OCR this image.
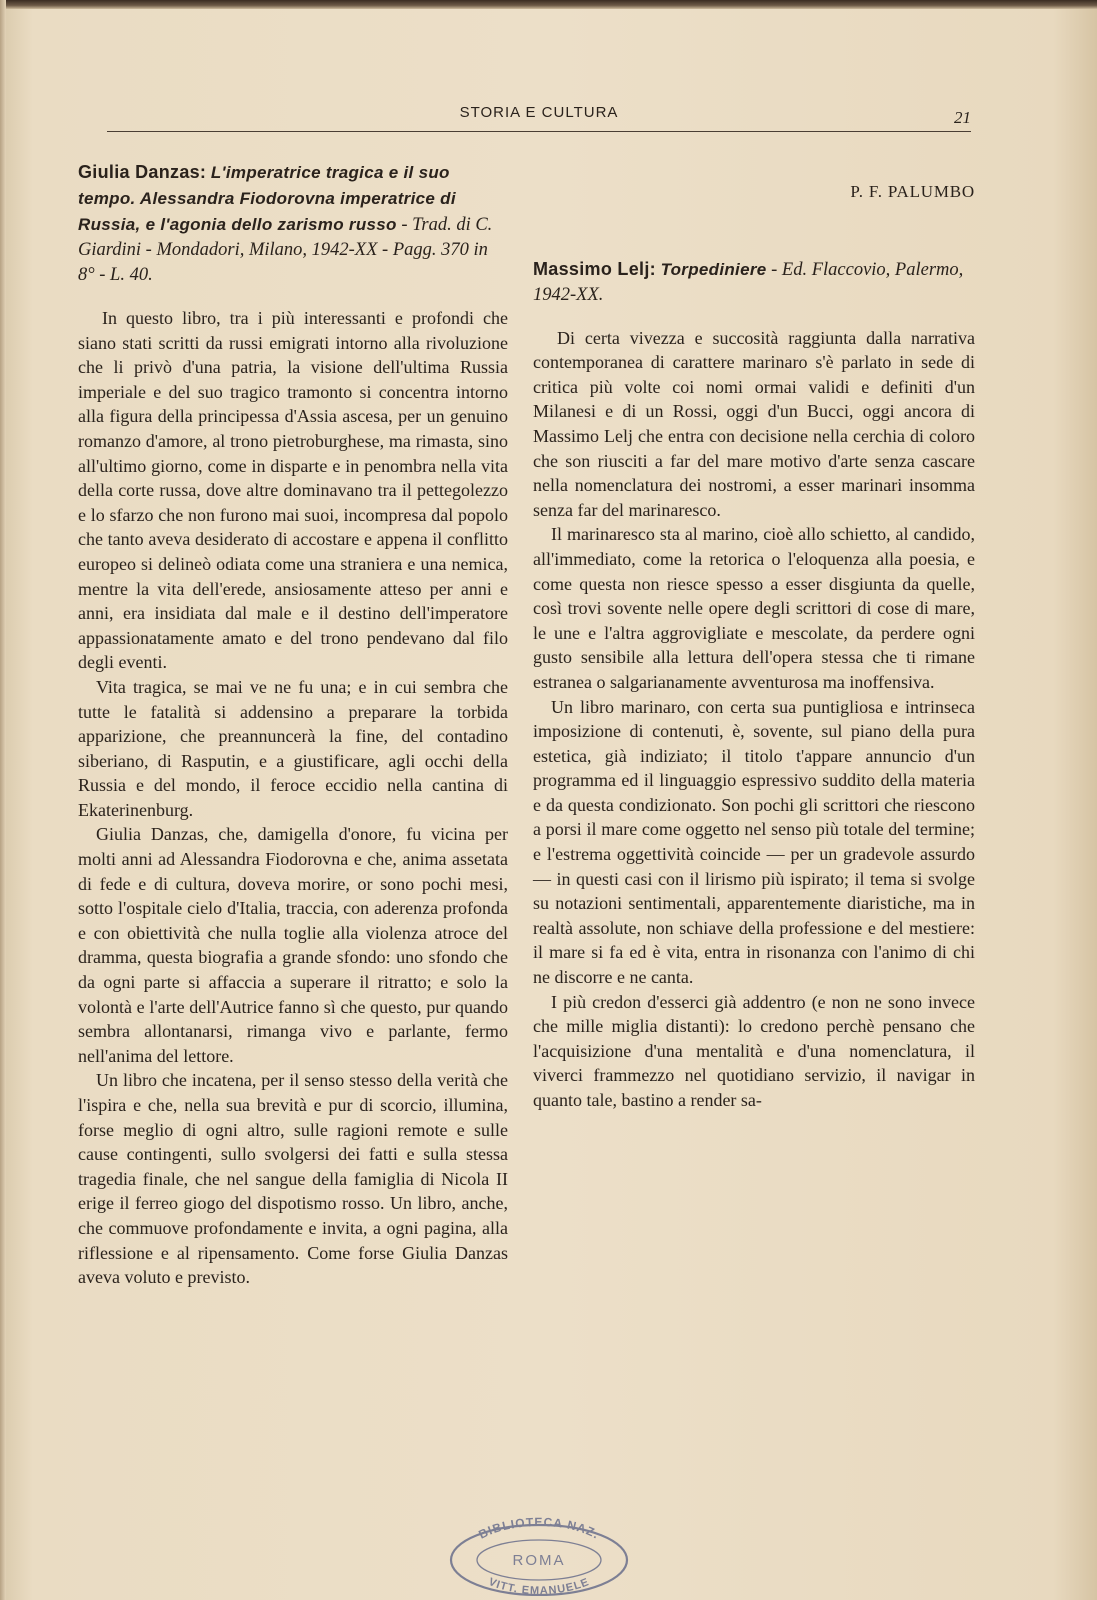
STORIA E CULTURA	21
Giulia Danzas: L'imperatrice tragica e il suo tempo. Alessandra Fiodorovna imperatrice di Russia, e l'agonia dello zarismo russo - Trad. di C. Giardini - Mondadori, Milano, 1942-XX - Pagg. 370 in 8° - L. 40.

In questo libro, tra i più interessanti e profondi che siano stati scritti da russi emigrati intorno alla rivoluzione che li privò d'una patria, la visione dell'ultima Russia imperiale e del suo tragico tramonto si concentra intorno alla figura della principessa d'Assia ascesa, per un genuino romanzo d'amore, al trono pietroburghese, ma rimasta, sino all'ultimo giorno, come in disparte e in penombra nella vita della corte russa, dove altre dominavano tra il pettegolezzo e lo sfarzo che non furono mai suoi, incompresa dal popolo che tanto aveva desiderato di accostare e appena il conflitto europeo si delineò odiata come una straniera e una nemica, mentre la vita dell'erede, ansiosamente atteso per anni e anni, era insidiata dal male e il destino dell'imperatore appassionatamente amato e del trono pendevano dal filo degli eventi.

Vita tragica, se mai ve ne fu una; e in cui sembra che tutte le fatalità si addensino a preparare la torbida apparizione, che preannuncerà la fine, del contadino siberiano, di Rasputin, e a giustificare, agli occhi della Russia e del mondo, il feroce eccidio nella cantina di Ekaterinenburg.

Giulia Danzas, che, damigella d'onore, fu vicina per molti anni ad Alessandra Fiodorovna e che, anima assetata di fede e di cultura, doveva morire, or sono pochi mesi, sotto l'ospitale cielo d'Italia, traccia, con aderenza profonda e con obiettività che nulla toglie alla violenza atroce del dramma, questa biografia a grande sfondo: uno sfondo che da ogni parte si affaccia a superare il ritratto; e solo la volontà e l'arte dell'Autrice fanno sì che questo, pur quando sembra allontanarsi, rimanga vivo e parlante, fermo nell'anima del lettore.

Un libro che incatena, per il senso stesso della verità che l'ispira e che, nella sua brevità e pur di scorcio, illumina, forse meglio di ogni altro, sulle ragioni remote e sulle cause contingenti, sullo svolgersi dei fatti e sulla stessa tragedia finale, che nel sangue della famiglia di Nicola II erige il ferreo giogo del dispotismo rosso. Un libro, anche, che commuove profondamente e invita, a ogni pagina, alla riflessione e al ripensamento. Come forse Giulia Danzas aveva voluto e previsto.

P. F. PALUMBO
Massimo Lelj: Torpediniere - Ed. Flaccovio, Palermo, 1942-XX.

Di certa vivezza e succosità raggiunta dalla narrativa contemporanea di carattere marinaro s'è parlato in sede di critica più volte coi nomi ormai validi e definiti d'un Milanesi e di un Rossi, oggi d'un Bucci, oggi ancora di Massimo Lelj che entra con decisione nella cerchia di coloro che son riusciti a far del mare motivo d'arte senza cascare nella nomenclatura dei nostromi, a esser marinari insomma senza far del marinaresco.

Il marinaresco sta al marino, cioè allo schietto, al candido, all'immediato, come la retorica o l'eloquenza alla poesia, e come questa non riesce spesso a esser disgiunta da quelle, così trovi sovente nelle opere degli scrittori di cose di mare, le une e l'altra aggrovigliate e mescolate, da perdere ogni gusto sensibile alla lettura dell'opera stessa che ti rimane estranea o salgarianamente avventurosa ma inoffensiva.

Un libro marinaro, con certa sua puntigliosa e intrinseca imposizione di contenuti, è, sovente, sul piano della pura estetica, già indiziato; il titolo t'appare annuncio d'un programma ed il linguaggio espressivo suddito della materia e da questa condizionato. Son pochi gli scrittori che riescono a porsi il mare come oggetto nel senso più totale del termine; e l'estrema oggettività coincide — per un gradevole assurdo — in questi casi con il lirismo più ispirato; il tema si svolge su notazioni sentimentali, apparentemente diaristiche, ma in realtà assolute, non schiave della professione e del mestiere: il mare si fa ed è vita, entra in risonanza con l'animo di chi ne discorre e ne canta.

I più credon d'esserci già addentro (e non ne sono invece che mille miglia distanti): lo credono perchè pensano che l'acquisizione d'una mentalità e d'una nomenclatura, il viverci frammezzo nel quotidiano servizio, il navigar in quanto tale, bastino a render sa-

BIBLIOTECA NAZ.
ROMA
VITT. EMANUELE
